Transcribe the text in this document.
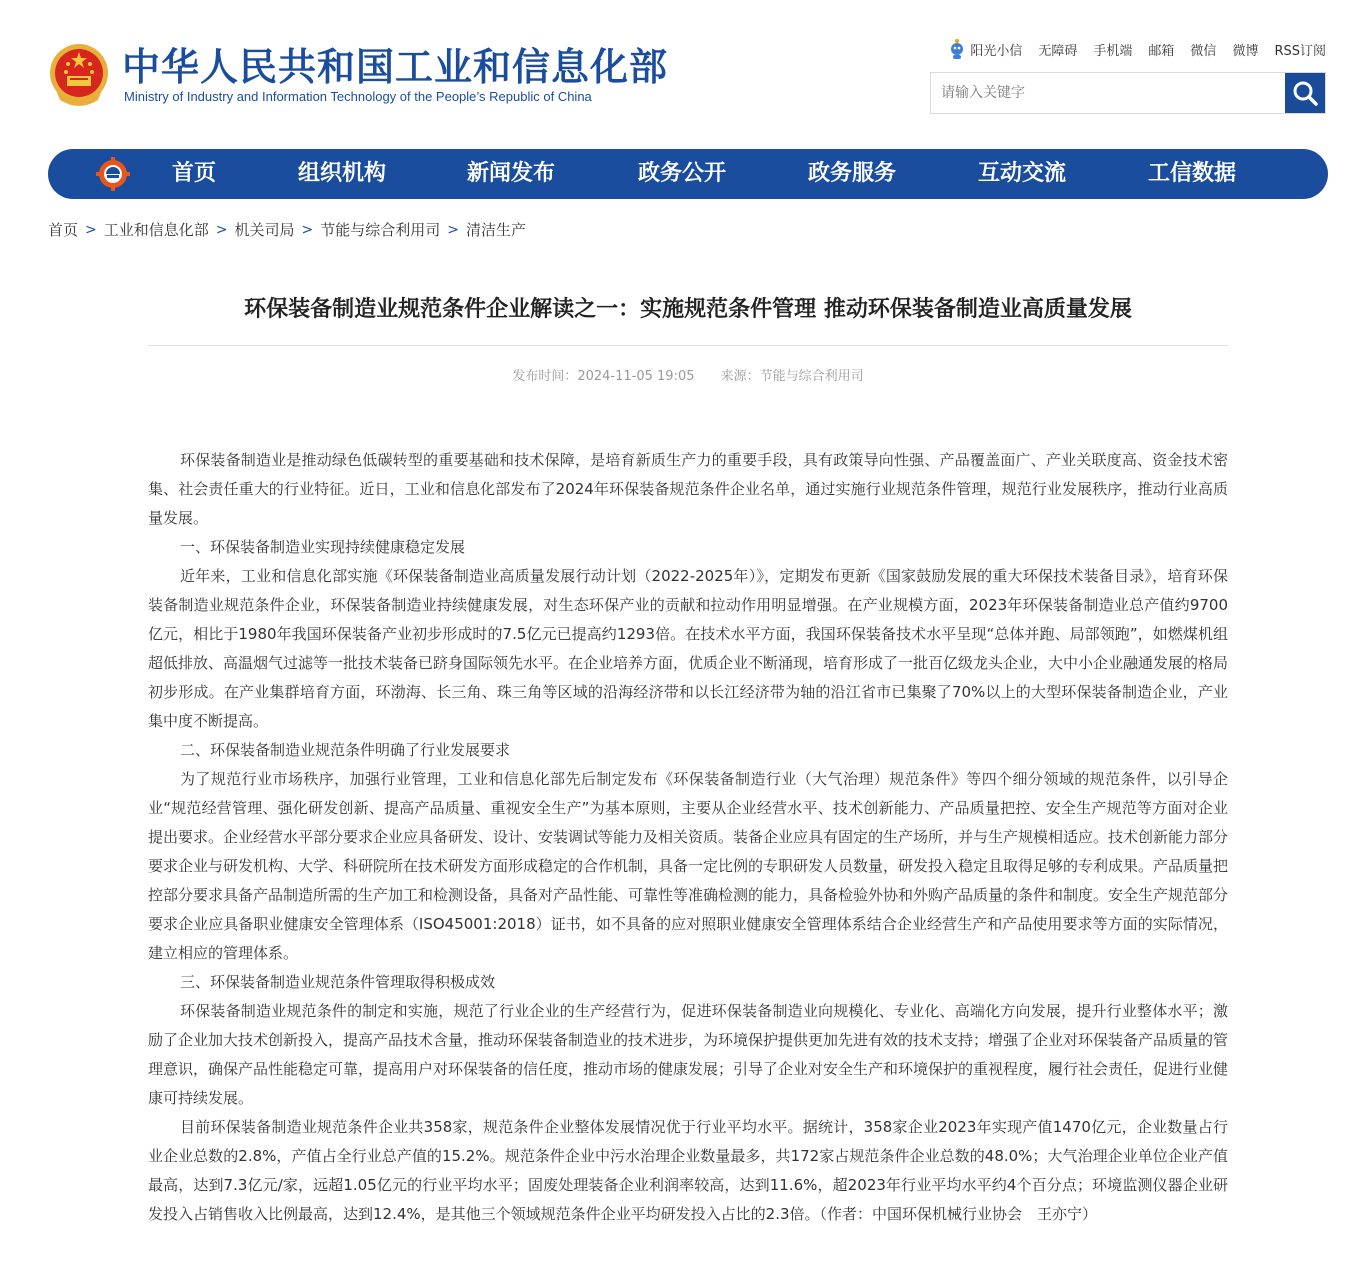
中华人民共和国工业和信息化部
Ministry of Industry and Information Technology of the People’s Republic of China
阳光小信 无障碍 手机端 邮箱 微信 微博 RSS订阅
请输入关键字
首页	组织机构	新闻发布	政务公开	政务服务	互动交流	工信数据
首页 > 工业和信息化部 > 机关司局 > 节能与综合利用司 > 清洁生产
环保装备制造业规范条件企业解读之一：实施规范条件管理 推动环保装备制造业高质量发展
发布时间：2024-11-05 19:05 来源：节能与综合利用司

环保装备制造业是推动绿色低碳转型的重要基础和技术保障，是培育新质生产力的重要手段，具有政策导向性强、产品覆盖面广、产业关联度高、资金技术密集、社会责任重大的行业特征。近日，工业和信息化部发布了2024年环保装备规范条件企业名单，通过实施行业规范条件管理，规范行业发展秩序，推动行业高质量发展。

一、环保装备制造业实现持续健康稳定发展

近年来，工业和信息化部实施《环保装备制造业高质量发展行动计划（2022-2025年）》，定期发布更新《国家鼓励发展的重大环保技术装备目录》，培育环保装备制造业规范条件企业，环保装备制造业持续健康发展，对生态环保产业的贡献和拉动作用明显增强。在产业规模方面，2023年环保装备制造业总产值约9700亿元，相比于1980年我国环保装备产业初步形成时的7.5亿元已提高约1293倍。在技术水平方面，我国环保装备技术水平呈现“总体并跑、局部领跑”，如燃煤机组超低排放、高温烟气过滤等一批技术装备已跻身国际领先水平。在企业培养方面，优质企业不断涌现，培育形成了一批百亿级龙头企业，大中小企业融通发展的格局初步形成。在产业集群培育方面，环渤海、长三角、珠三角等区域的沿海经济带和以长江经济带为轴的沿江省市已集聚了70%以上的大型环保装备制造企业，产业集中度不断提高。

二、环保装备制造业规范条件明确了行业发展要求

为了规范行业市场秩序，加强行业管理，工业和信息化部先后制定发布《环保装备制造行业（大气治理）规范条件》等四个细分领域的规范条件，以引导企业“规范经营管理、强化研发创新、提高产品质量、重视安全生产”为基本原则，主要从企业经营水平、技术创新能力、产品质量把控、安全生产规范等方面对企业提出要求。企业经营水平部分要求企业应具备研发、设计、安装调试等能力及相关资质。装备企业应具有固定的生产场所，并与生产规模相适应。技术创新能力部分要求企业与研发机构、大学、科研院所在技术研发方面形成稳定的合作机制，具备一定比例的专职研发人员数量，研发投入稳定且取得足够的专利成果。产品质量把控部分要求具备产品制造所需的生产加工和检测设备，具备对产品性能、可靠性等准确检测的能力，具备检验外协和外购产品质量的条件和制度。安全生产规范部分要求企业应具备职业健康安全管理体系（ISO45001:2018）证书，如不具备的应对照职业健康安全管理体系结合企业经营生产和产品使用要求等方面的实际情况，建立相应的管理体系。

三、环保装备制造业规范条件管理取得积极成效

环保装备制造业规范条件的制定和实施，规范了行业企业的生产经营行为，促进环保装备制造业向规模化、专业化、高端化方向发展，提升行业整体水平；激励了企业加大技术创新投入，提高产品技术含量，推动环保装备制造业的技术进步，为环境保护提供更加先进有效的技术支持；增强了企业对环保装备产品质量的管理意识，确保产品性能稳定可靠，提高用户对环保装备的信任度，推动市场的健康发展；引导了企业对安全生产和环境保护的重视程度，履行社会责任，促进行业健康可持续发展。

目前环保装备制造业规范条件企业共358家，规范条件企业整体发展情况优于行业平均水平。据统计，358家企业2023年实现产值1470亿元，企业数量占行业企业总数的2.8%，产值占全行业总产值的15.2%。规范条件企业中污水治理企业数量最多，共172家占规范条件企业总数的48.0%；大气治理企业单位企业产值最高，达到7.3亿元/家，远超1.05亿元的行业平均水平；固废处理装备企业利润率较高，达到11.6%，超2023年行业平均水平约4个百分点；环境监测仪器企业研发投入占销售收入比例最高，达到12.4%，是其他三个领域规范条件企业平均研发投入占比的2.3倍。（作者：中国环保机械行业协会　王亦宁）
